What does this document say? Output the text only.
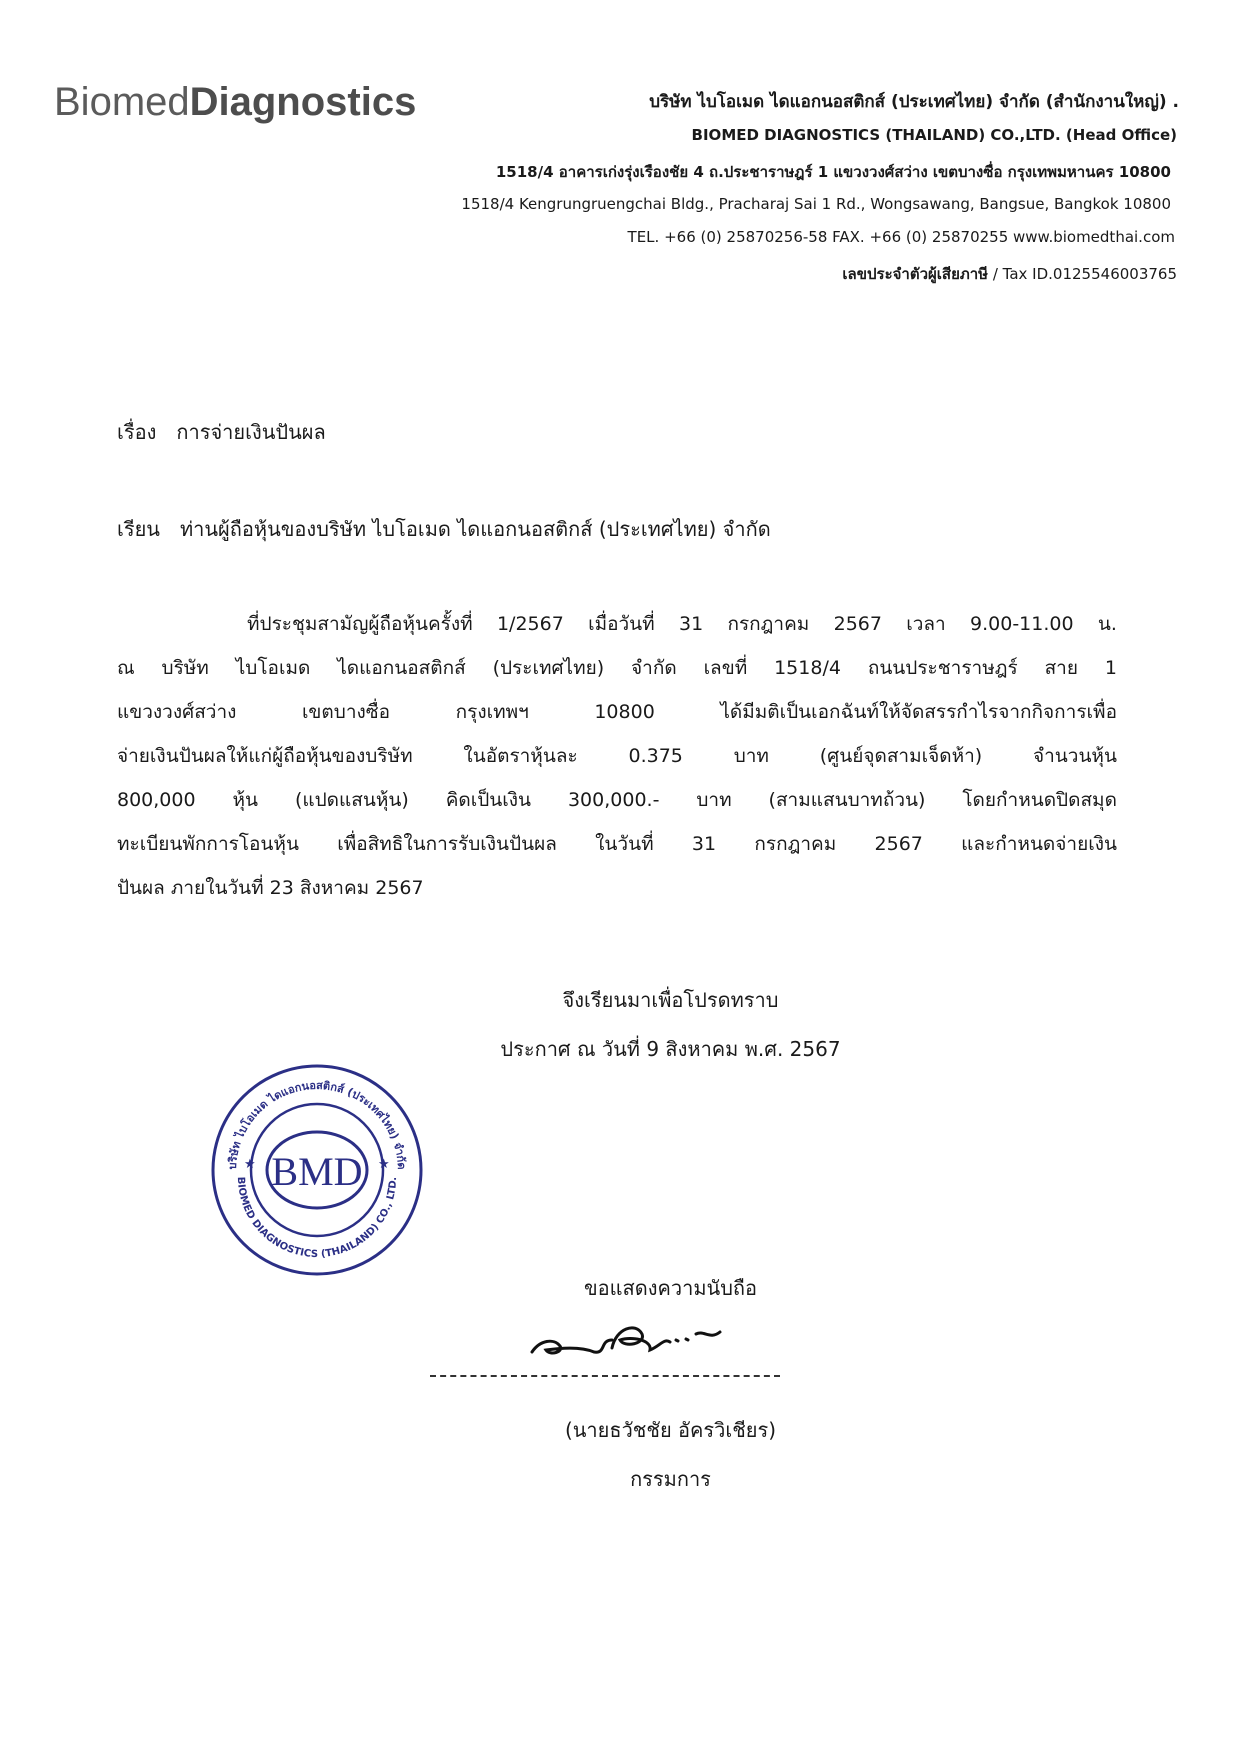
BiomedDiagnostics	บริษัท ไบโอเมด ไดแอกนอสติกส์ (ประเทศไทย) จำกัด (สำนักงานใหญ่) .
BIOMED DIAGNOSTICS (THAILAND) CO.,LTD. (Head Office)
1518/4 อาคารเก่งรุ่งเรืองชัย 4 ถ.ประชาราษฎร์ 1 แขวงวงศ์สว่าง เขตบางซื่อ กรุงเทพมหานคร 10800
1518/4 Kengrungruengchai Bldg., Pracharaj Sai 1 Rd., Wongsawang, Bangsue, Bangkok 10800
TEL. +66 (0) 25870256-58 FAX. +66 (0) 25870255 www.biomedthai.com
เลขประจำตัวผู้เสียภาษี / Tax ID.0125546003765
เรื่อง การจ่ายเงินปันผล
เรียน ท่านผู้ถือหุ้นของบริษัท ไบโอเมด ไดแอกนอสติกส์ (ประเทศไทย) จำกัด
ที่ประชุมสามัญผู้ถือหุ้นครั้งที่ 1/2567 เมื่อวันที่ 31 กรกฎาคม 2567 เวลา 9.00-11.00 น.
ณ บริษัท ไบโอเมด ไดแอกนอสติกส์ (ประเทศไทย) จำกัด เลขที่ 1518/4 ถนนประชาราษฎร์ สาย 1
แขวงวงศ์สว่าง	เขตบางซื่อ	กรุงเทพฯ	10800	ได้มีมติเป็นเอกฉันท์ให้จัดสรรกำไรจากกิจการเพื่อ
จ่ายเงินปันผลให้แก่ผู้ถือหุ้นของบริษัท	ในอัตราหุ้นละ	0.375	บาท	(ศูนย์จุดสามเจ็ดห้า)	จำนวนหุ้น
800,000 หุ้น (แปดแสนหุ้น) คิดเป็นเงิน 300,000.- บาท (สามแสนบาทถ้วน) โดยกำหนดปิดสมุด
ทะเบียนพักการโอนหุ้น เพื่อสิทธิในการรับเงินปันผล ในวันที่ 31 กรกฎาคม 2567 และกำหนดจ่ายเงิน
ปันผล ภายในวันที่ 23 สิงหาคม 2567
จึงเรียนมาเพื่อโปรดทราบ
ประกาศ ณ วันที่ 9 สิงหาคม พ.ศ. 2567
BMD
บริษัท ไบโอเมด ไดแอกนอสติกส์ (ประเทศไทย) จำกัด
BIOMED DIAGNOSTICS (THAILAND) CO., LTD.
★	★
ขอแสดงความนับถือ
(นายธวัชชัย อัครวิเชียร)
กรรมการ
